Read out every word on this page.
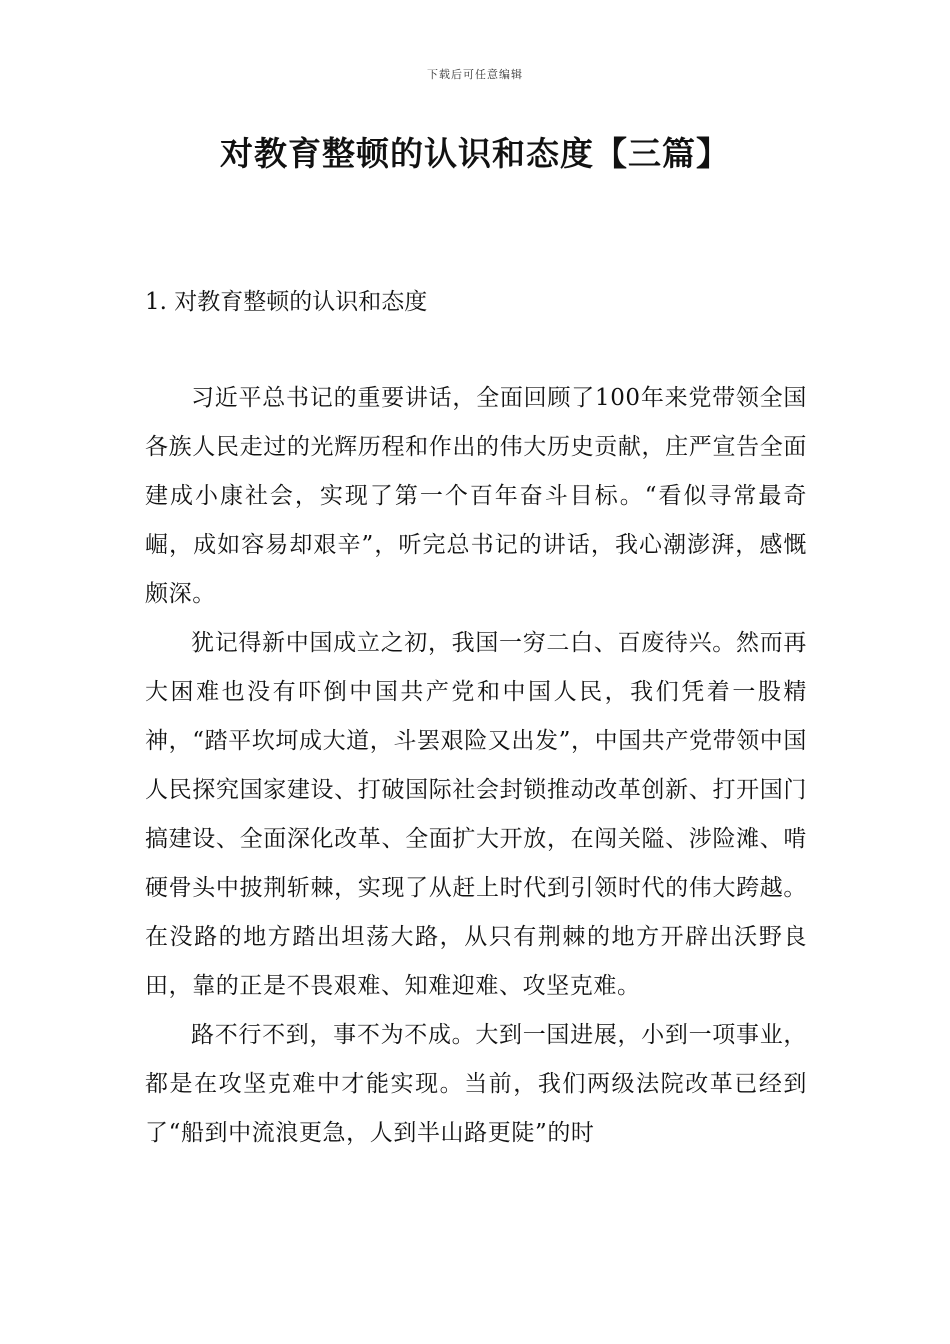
下载后可任意编辑
对教育整顿的认识和态度【三篇】
1. 对教育整顿的认识和态度

习近平总书记的重要讲话，全面回顾了100年来党带领全国各族人民走过的光辉历程和作出的伟大历史贡献，庄严宣告全面建成小康社会，实现了第一个百年奋斗目标。“看似寻常最奇崛，成如容易却艰辛”，听完总书记的讲话，我心潮澎湃，感慨颇深。

犹记得新中国成立之初，我国一穷二白、百废待兴。然而再大困难也没有吓倒中国共产党和中国人民，我们凭着一股精神，“踏平坎坷成大道，斗罢艰险又出发”，中国共产党带领中国人民探究国家建设、打破国际社会封锁推动改革创新、打开国门搞建设、全面深化改革、全面扩大开放，在闯关隘、涉险滩、啃硬骨头中披荆斩棘，实现了从赶上时代到引领时代的伟大跨越。在没路的地方踏出坦荡大路，从只有荆棘的地方开辟出沃野良田，靠的正是不畏艰难、知难迎难、攻坚克难。

路不行不到，事不为不成。大到一国进展，小到一项事业，都是在攻坚克难中才能实现。当前，我们两级法院改革已经到了“船到中流浪更急，人到半山路更陡”的时
